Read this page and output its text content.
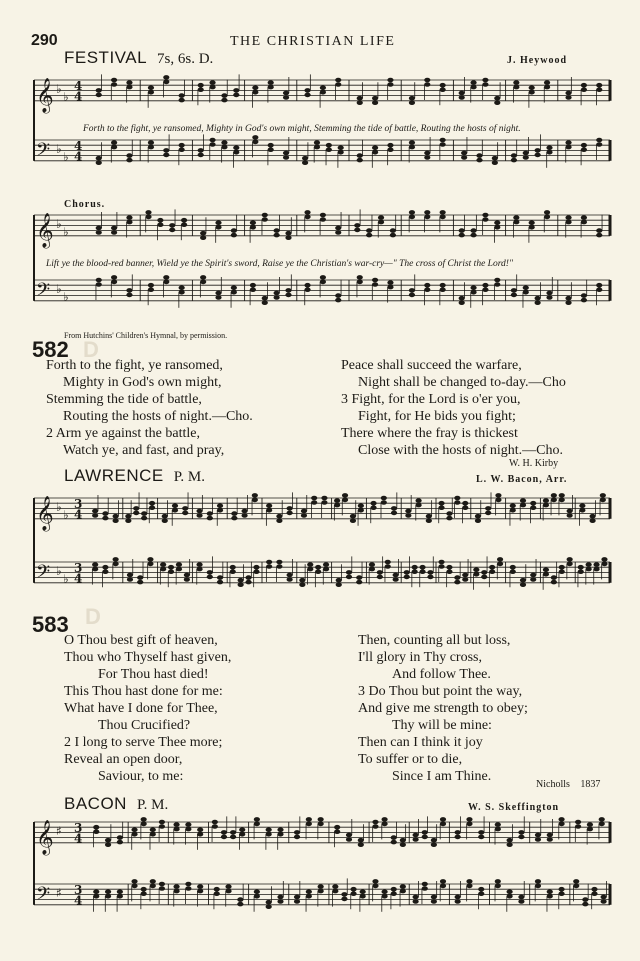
290	THE CHRISTIAN LIFE
FESTIVAL 7s, 6s. D.	J. Heywood
𝄞 ♭
♭
4
4
𝄢 ♭
♭
4
4
Forth to the fight, ye ransomed, Mighty in God's own might, Stemming the tide of battle, Routing the hosts of night.
Chorus.
𝄞 ♭
♭
𝄢 ♭
♭
Lift ye the blood-red banner, Wield ye the Spirit's sword, Raise ye the Christian's war-cry—" The cross of Christ the Lord!"
From Hutchins' Children's Hymnal, by permission.
582 D
Forth to the fight, ye ransomed,
Mighty in God's own might,
Stemming the tide of battle,
Routing the hosts of night.—Cho.
2 Arm ye against the battle,
Watch ye, and fast, and pray,
Peace shall succeed the warfare,
Night shall be changed to-day.—Cho
3 Fight, for the Lord is o'er you,
Fight, for He bids you fight;
There where the fray is thickest
Close with the hosts of night.—Cho.
W. H. Kirby
LAWRENCE P. M.	L. W. Bacon, Arr.
𝄞 ♭
♭
3
4
𝄢 ♭
♭
3
4
583 D
O Thou best gift of heaven,
Thou who Thyself hast given,
For Thou hast died!
This Thou hast done for me:
What have I done for Thee,
Thou Crucified?
2 I long to serve Thee more;
Reveal an open door,
Saviour, to me:
Then, counting all but loss,
I'll glory in Thy cross,
And follow Thee.
3 Do Thou but point the way,
And give me strength to obey;
Thy will be mine:
Then can I think it joy
To suffer or to die,
Since I am Thine.
Nicholls 1837
BACON P. M.	W. S. Skeffington
𝄞 ♯ 3
4
𝄢 ♯ 3
4
